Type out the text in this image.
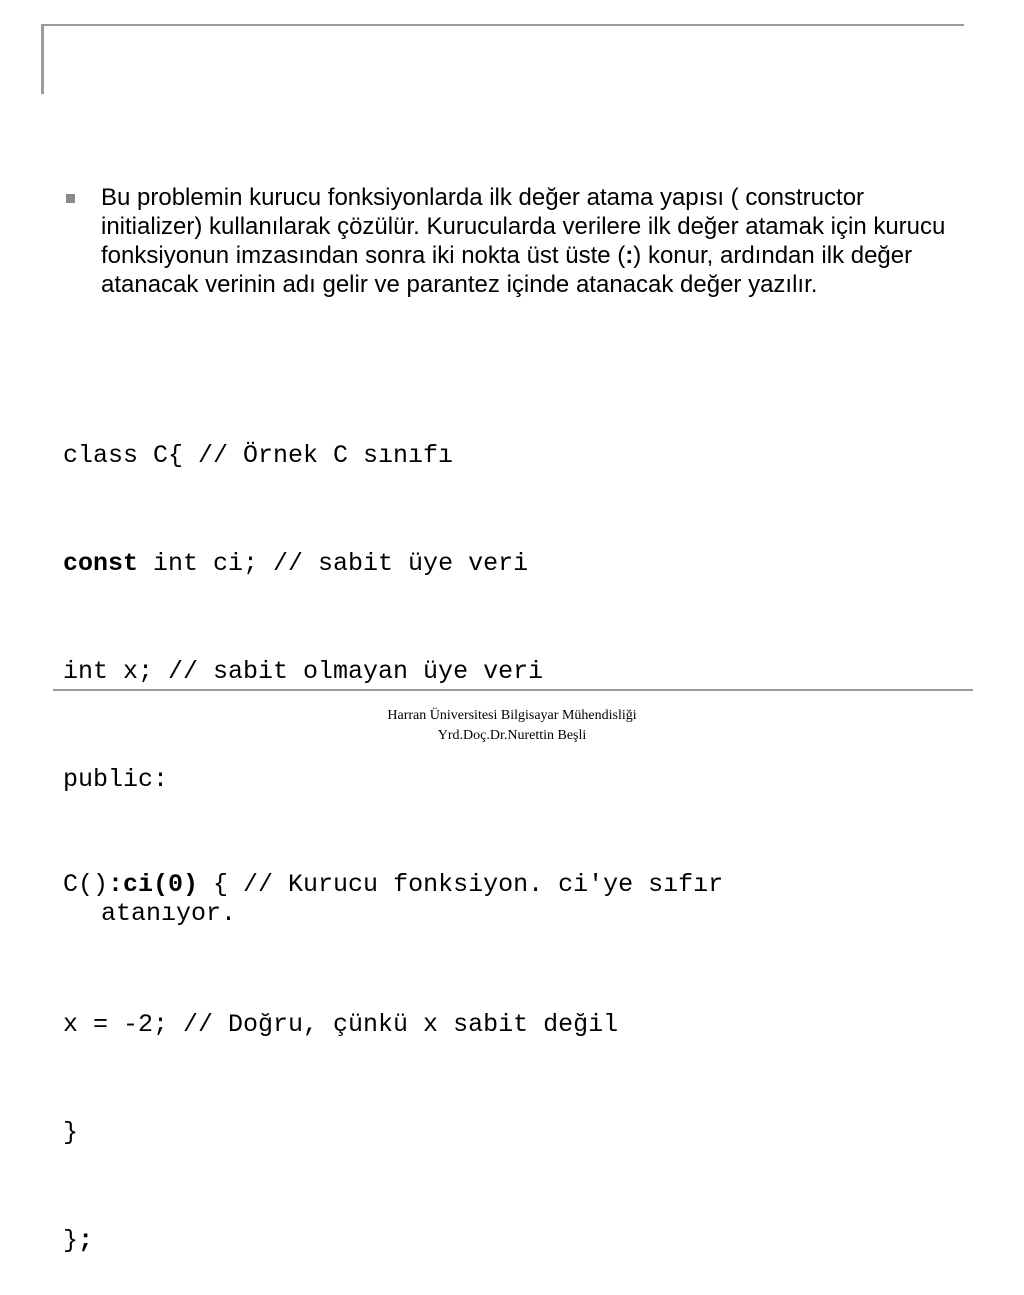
Bu problemin kurucu fonksiyonlarda ilk değer atama yapısı ( constructor initializer) kullanılarak çözülür. Kurucularda verilere ilk değer atamak için kurucu fonksiyonun imzasından sonra iki nokta üst üste (:) konur, ardından ilk değer atanacak verinin adı gelir ve parantez içinde atanacak değer yazılır.

class C{ // Örnek C sınıfı

const int ci; // sabit üye veri

int x; // sabit olmayan üye veri

public:

C():ci(0) { // Kurucu fonksiyon. ci'ye sıfır
atanıyor.

x = -2; // Doğru, çünkü x sabit değil

}

};

Harran Üniversitesi Bilgisayar Mühendisliği
Yrd.Doç.Dr.Nurettin Beşli
